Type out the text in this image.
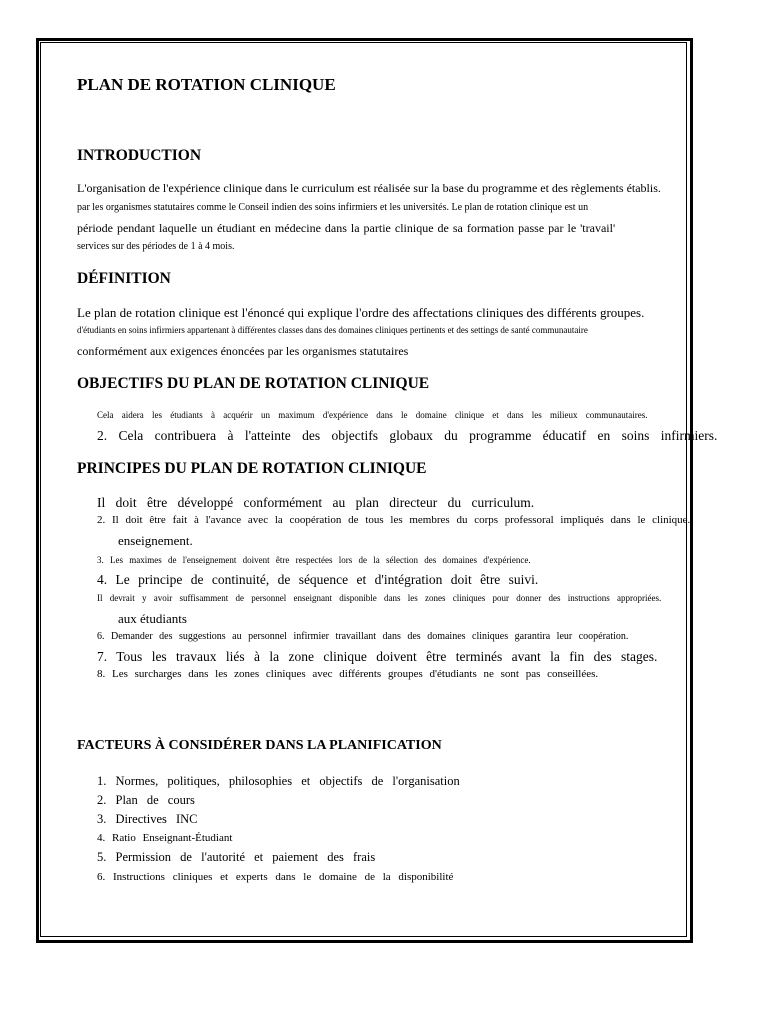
PLAN DE ROTATION CLINIQUE
INTRODUCTION
L'organisation de l'expérience clinique dans le curriculum est réalisée sur la base du programme et des règlements établis.
par les organismes statutaires comme le Conseil indien des soins infirmiers et les universités. Le plan de rotation clinique est un
période pendant laquelle un étudiant en médecine dans la partie clinique de sa formation passe par le 'travail'
services sur des périodes de 1 à 4 mois.
DÉFINITION
Le plan de rotation clinique est l'énoncé qui explique l'ordre des affectations cliniques des différents groupes.
d'étudiants en soins infirmiers appartenant à différentes classes dans des domaines cliniques pertinents et des settings de santé communautaire
conformément aux exigences énoncées par les organismes statutaires
OBJECTIFS DU PLAN DE ROTATION CLINIQUE
Cela aidera les étudiants à acquérir un maximum d'expérience dans le domaine clinique et dans les milieux communautaires.
2. Cela contribuera à l'atteinte des objectifs globaux du programme éducatif en soins infirmiers.
PRINCIPES DU PLAN DE ROTATION CLINIQUE
Il doit être développé conformément au plan directeur du curriculum.
2. Il doit être fait à l'avance avec la coopération de tous les membres du corps professoral impliqués dans le clinique.
enseignement.
3. Les maximes de l'enseignement doivent être respectées lors de la sélection des domaines d'expérience.
4. Le principe de continuité, de séquence et d'intégration doit être suivi.
Il devrait y avoir suffisamment de personnel enseignant disponible dans les zones cliniques pour donner des instructions appropriées.
aux étudiants
6. Demander des suggestions au personnel infirmier travaillant dans des domaines cliniques garantira leur coopération.
7. Tous les travaux liés à la zone clinique doivent être terminés avant la fin des stages.
8. Les surcharges dans les zones cliniques avec différents groupes d'étudiants ne sont pas conseillées.
FACTEURS À CONSIDÉRER DANS LA PLANIFICATION
1. Normes, politiques, philosophies et objectifs de l'organisation
2. Plan de cours
3. Directives INC
4. Ratio Enseignant-Étudiant
5. Permission de l'autorité et paiement des frais
6. Instructions cliniques et experts dans le domaine de la disponibilité
